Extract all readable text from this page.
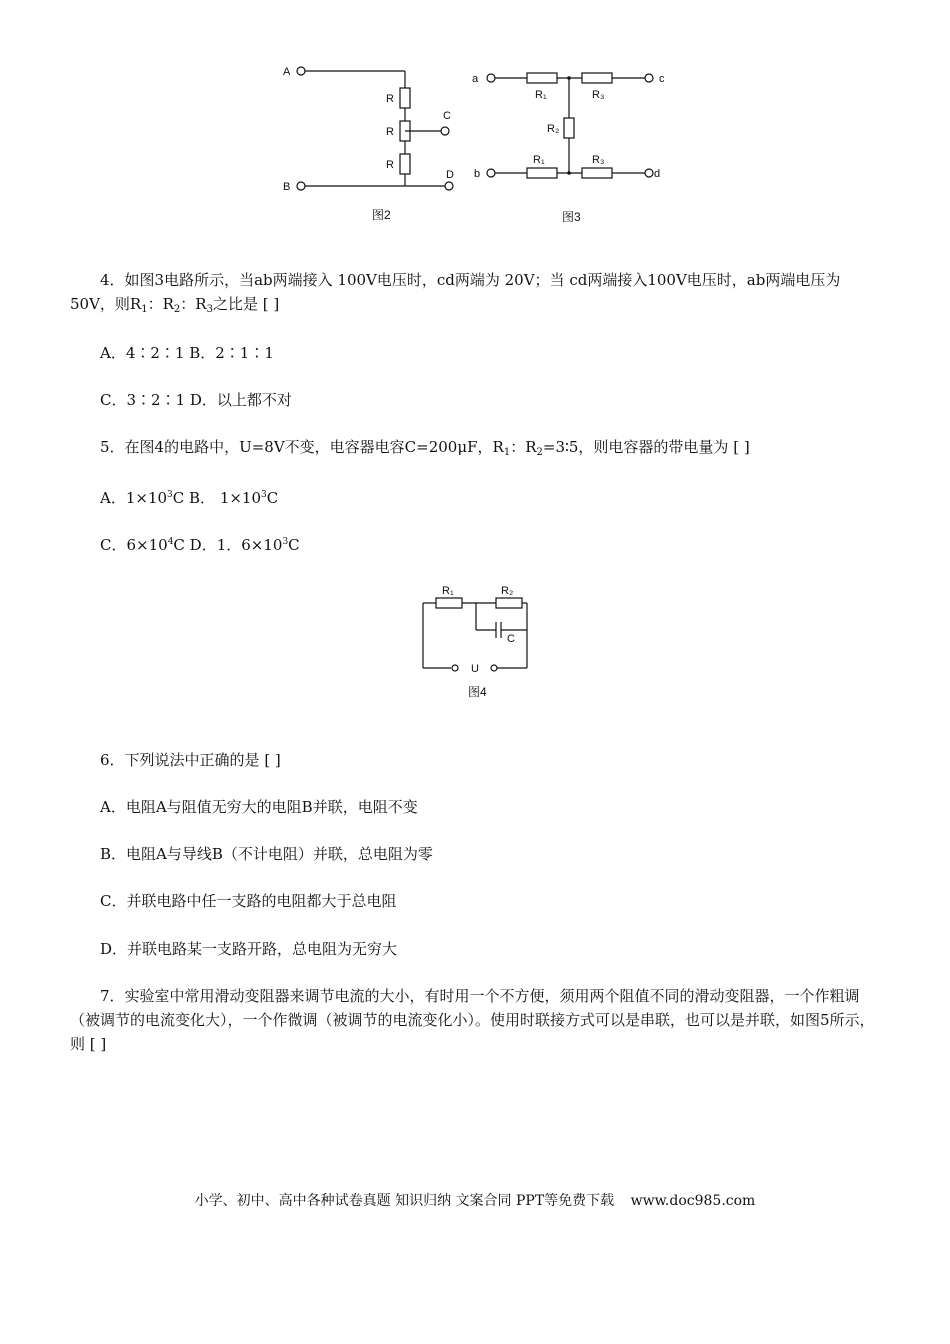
A
B
C
D
R
R
R
图2
a	c
b	d
R₁	R₃
R₂
R₁	R₃
图3

4．如图3电路所示，当ab两端接入 100V电压时，cd两端为 20V；当 cd两端接入100V电压时，ab两端电压为50V，则$R_1$：$R_2$：$R_3$之比是 [ ]

A．4∶2∶1 B．2∶1∶1

C．3∶2∶1 D．以上都不对

5．在图4的电路中，U=8V不变，电容器电容C=200μF，$R_1$：$R_2=3∶5$，则电容器的带电量为 [ ]

A．$1\times 10^3C$ B． $1\times 10^3C$

C．$6\times 10^4C$ D．1．$6\times 10^3C$

R₁	R₂
C
U
图4

6．下列说法中正确的是 [ ]

A．电阻A与阻值无穷大的电阻B并联，电阻不变

B．电阻A与导线B（不计电阻）并联，总电阻为零

C．并联电路中任一支路的电阻都大于总电阻

D．并联电路某一支路开路，总电阻为无穷大

7．实验室中常用滑动变阻器来调节电流的大小，有时用一个不方便，须用两个阻值不同的滑动变阻器，一个作粗调（被调节的电流变化大），一个作微调（被调节的电流变化小）。使用时联接方式可以是串联，也可以是并联，如图5所示，则 [ ]

小学、初中、高中各种试卷真题 知识归纳 文案合同 PPT等免费下载 www.doc985.com
